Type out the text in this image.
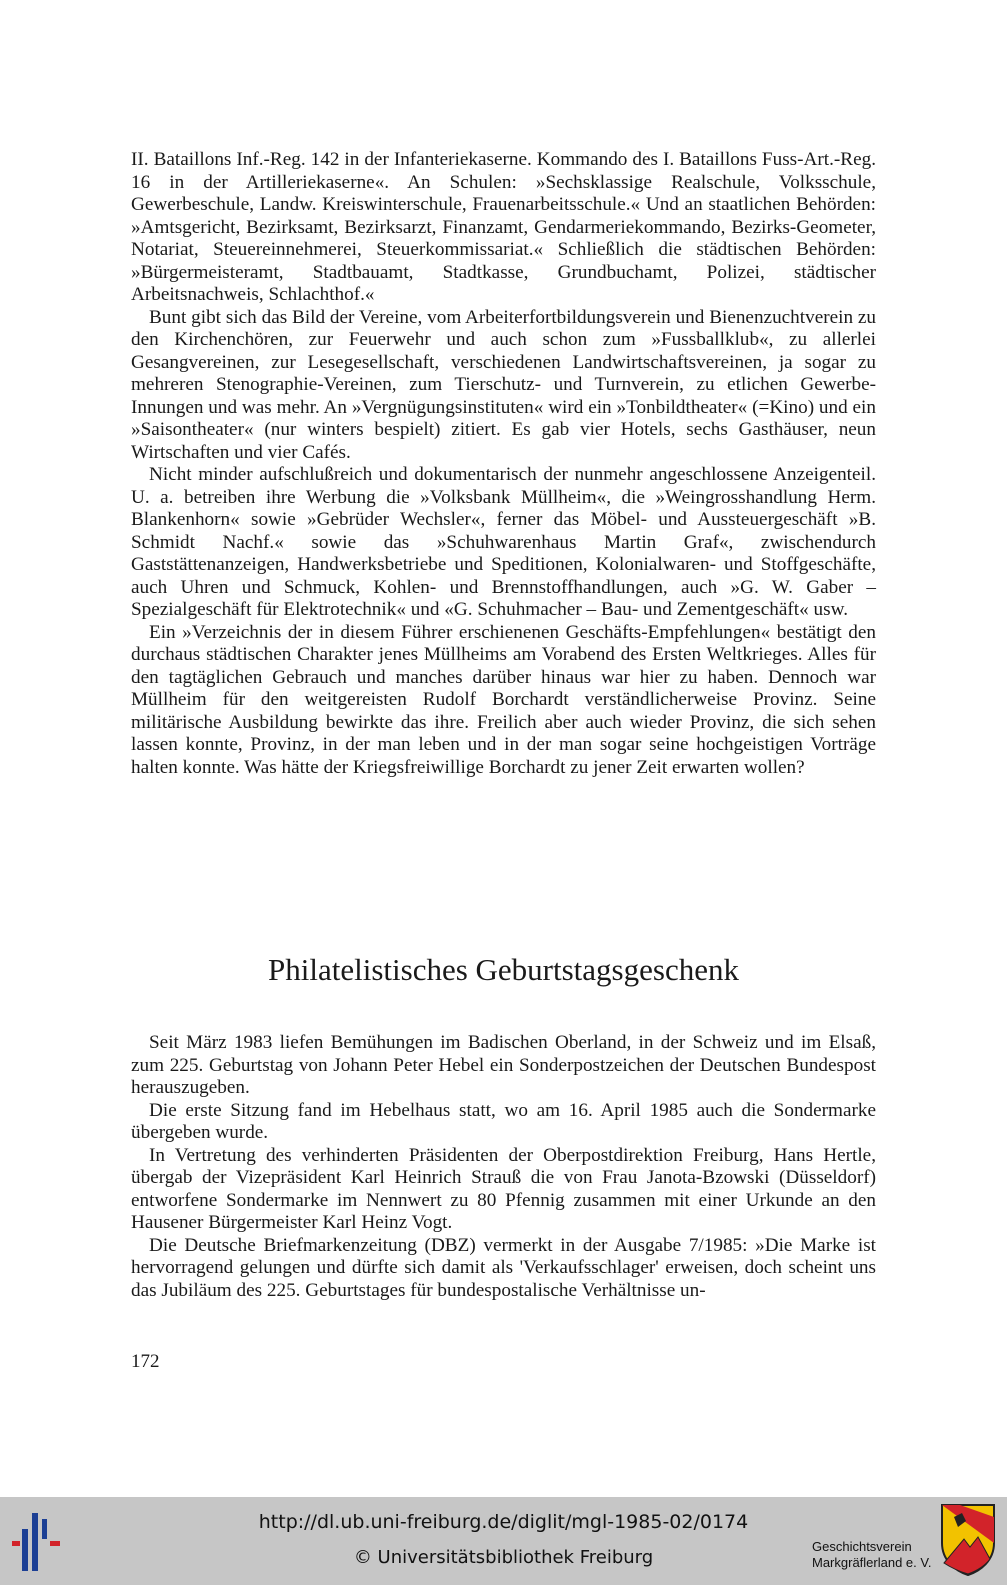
II. Bataillons Inf.-Reg. 142 in der Infanteriekaserne. Kommando des I. Bataillons Fuss-Art.-Reg. 16 in der Artilleriekaserne«. An Schulen: »Sechsklassige Realschule, Volksschule, Gewerbeschule, Landw. Kreiswinterschule, Frauenarbeitsschule.« Und an staatlichen Behörden: »Amtsgericht, Bezirksamt, Bezirksarzt, Finanzamt, Gendarmeriekommando, Bezirks-Geometer, Notariat, Steuereinnehmerei, Steuerkommissariat.« Schließlich die städtischen Behörden: »Bürgermeisteramt, Stadtbauamt, Stadtkasse, Grundbuchamt, Polizei, städtischer Arbeitsnachweis, Schlachthof.«

Bunt gibt sich das Bild der Vereine, vom Arbeiterfortbildungsverein und Bienenzuchtverein zu den Kirchenchören, zur Feuerwehr und auch schon zum »Fussballklub«, zu allerlei Gesangvereinen, zur Lesegesellschaft, verschiedenen Landwirtschaftsvereinen, ja sogar zu mehreren Stenographie-Vereinen, zum Tierschutz- und Turnverein, zu etlichen Gewerbe-Innungen und was mehr. An »Vergnügungsinstituten« wird ein »Tonbildtheater« (=Kino) und ein »Saisontheater« (nur winters bespielt) zitiert. Es gab vier Hotels, sechs Gasthäuser, neun Wirtschaften und vier Cafés.

Nicht minder aufschlußreich und dokumentarisch der nunmehr angeschlossene Anzeigenteil. U. a. betreiben ihre Werbung die »Volksbank Müllheim«, die »Weingrosshandlung Herm. Blankenhorn« sowie »Gebrüder Wechsler«, ferner das Möbel- und Aussteuergeschäft »B. Schmidt Nachf.« sowie das »Schuhwarenhaus Martin Graf«, zwischendurch Gaststättenanzeigen, Handwerksbetriebe und Speditionen, Kolonialwaren- und Stoffgeschäfte, auch Uhren und Schmuck, Kohlen- und Brennstoffhandlungen, auch »G. W. Gaber – Spezialgeschäft für Elektrotechnik« und «G. Schuhmacher – Bau- und Zementgeschäft« usw.

Ein »Verzeichnis der in diesem Führer erschienenen Geschäfts-Empfehlungen« bestätigt den durchaus städtischen Charakter jenes Müllheims am Vorabend des Ersten Weltkrieges. Alles für den tagtäglichen Gebrauch und manches darüber hinaus war hier zu haben. Dennoch war Müllheim für den weitgereisten Rudolf Borchardt verständlicherweise Provinz. Seine militärische Ausbildung bewirkte das ihre. Freilich aber auch wieder Provinz, die sich sehen lassen konnte, Provinz, in der man leben und in der man sogar seine hochgeistigen Vorträge halten konnte. Was hätte der Kriegsfreiwillige Borchardt zu jener Zeit erwarten wollen?

Philatelistisches Geburtstagsgeschenk

Seit März 1983 liefen Bemühungen im Badischen Oberland, in der Schweiz und im Elsaß, zum 225. Geburtstag von Johann Peter Hebel ein Sonderpostzeichen der Deutschen Bundespost herauszugeben.

Die erste Sitzung fand im Hebelhaus statt, wo am 16. April 1985 auch die Sondermarke übergeben wurde.

In Vertretung des verhinderten Präsidenten der Oberpostdirektion Freiburg, Hans Hertle, übergab der Vizepräsident Karl Heinrich Strauß die von Frau Janota-Bzowski (Düsseldorf) entworfene Sondermarke im Nennwert zu 80 Pfennig zusammen mit einer Urkunde an den Hausener Bürgermeister Karl Heinz Vogt.

Die Deutsche Briefmarkenzeitung (DBZ) vermerkt in der Ausgabe 7/1985: »Die Marke ist hervorragend gelungen und dürfte sich damit als 'Verkaufsschlager' erweisen, doch scheint uns das Jubiläum des 225. Geburtstages für bundespostalische Verhältnisse un-

172
http://dl.ub.uni-freiburg.de/diglit/mgl-1985-02/0174
© Universitätsbibliothek Freiburg
Geschichtsverein
Markgräflerland e. V.
